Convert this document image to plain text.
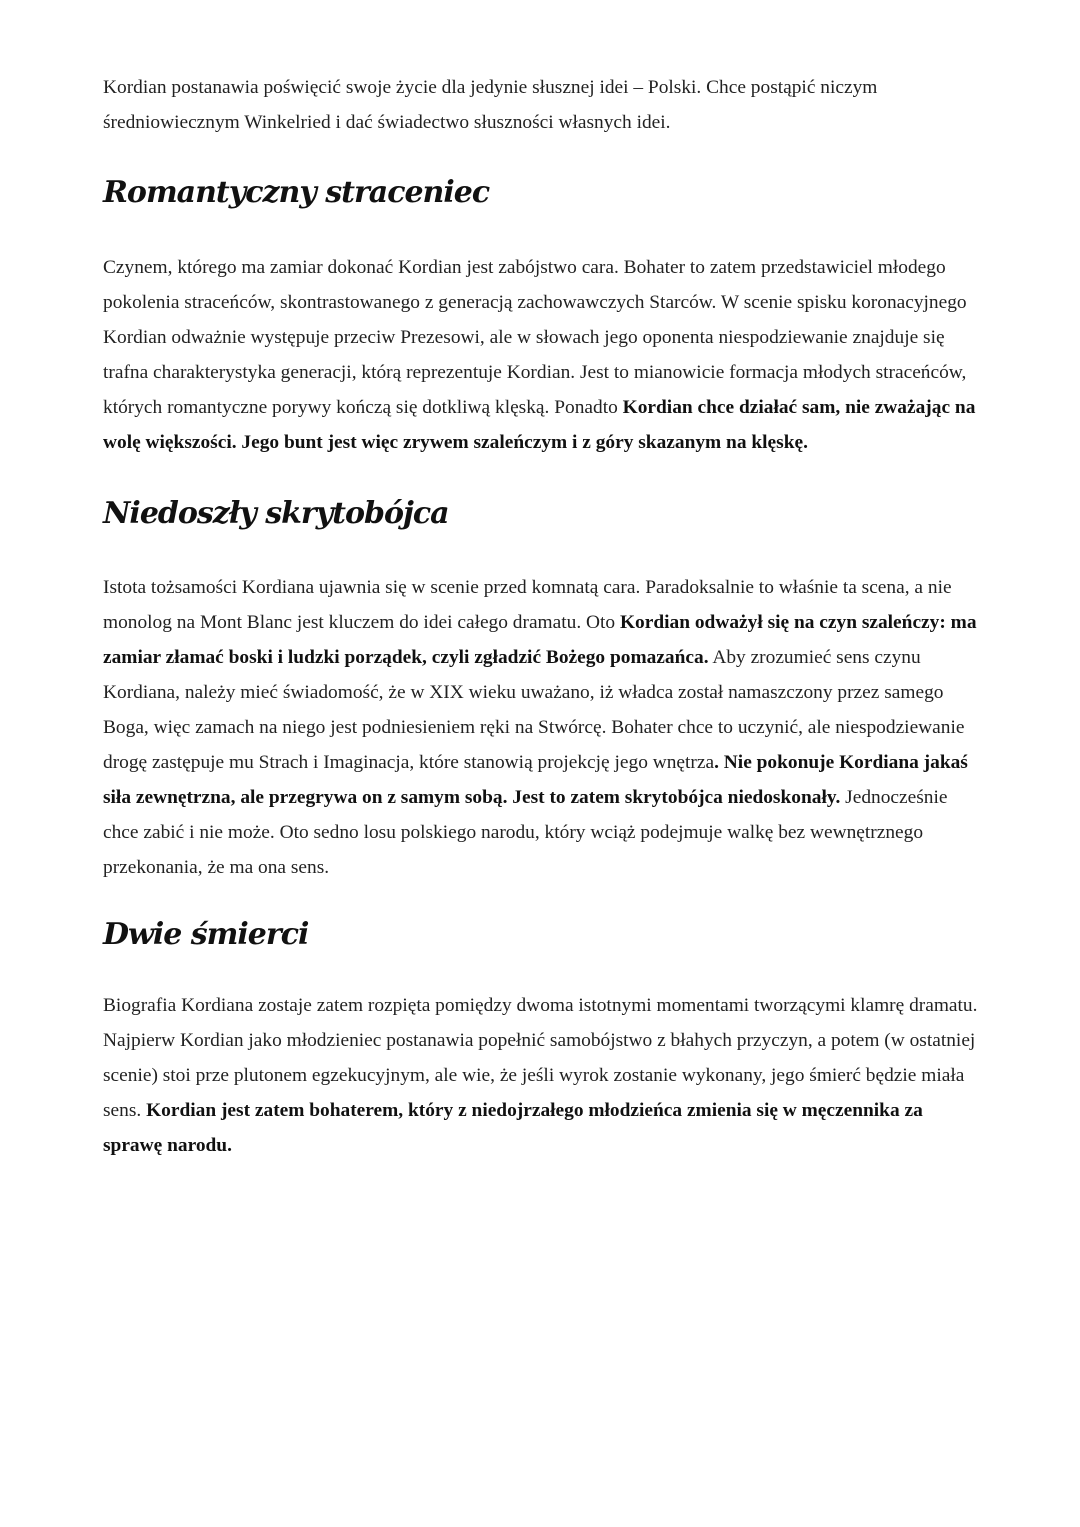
Kordian postanawia poświęcić swoje życie dla jedynie słusznej idei – Polski. Chce postąpić niczym średniowiecznym Winkelried i dać świadectwo słuszności własnych idei.

Romantyczny straceniec

Czynem, którego ma zamiar dokonać Kordian jest zabójstwo cara. Bohater to zatem przedstawiciel młodego pokolenia straceńców, skontrastowanego z generacją zachowawczych Starców. W scenie spisku koronacyjnego Kordian odważnie występuje przeciw Prezesowi, ale w słowach jego oponenta niespodziewanie znajduje się trafna charakterystyka generacji, którą reprezentuje Kordian. Jest to mianowicie formacja młodych straceńców, których romantyczne porywy kończą się dotkliwą klęską. Ponadto Kordian chce działać sam, nie zważając na wolę większości. Jego bunt jest więc zrywem szaleńczym i z góry skazanym na klęskę.

Niedoszły skrytobójca

Istota tożsamości Kordiana ujawnia się w scenie przed komnatą cara. Paradoksalnie to właśnie ta scena, a nie monolog na Mont Blanc jest kluczem do idei całego dramatu. Oto Kordian odważył się na czyn szaleńczy: ma zamiar złamać boski i ludzki porządek, czyli zgładzić Bożego pomazańca. Aby zrozumieć sens czynu Kordiana, należy mieć świadomość, że w XIX wieku uważano, iż władca został namaszczony przez samego Boga, więc zamach na niego jest podniesieniem ręki na Stwórcę. Bohater chce to uczynić, ale niespodziewanie drogę zastępuje mu Strach i Imaginacja, które stanowią projekcję jego wnętrza. Nie pokonuje Kordiana jakaś siła zewnętrzna, ale przegrywa on z samym sobą. Jest to zatem skrytobójca niedoskonały. Jednocześnie chce zabić i nie może. Oto sedno losu polskiego narodu, który wciąż podejmuje walkę bez wewnętrznego przekonania, że ma ona sens.

Dwie śmierci

Biografia Kordiana zostaje zatem rozpięta pomiędzy dwoma istotnymi momentami tworzącymi klamrę dramatu. Najpierw Kordian jako młodzieniec postanawia popełnić samobójstwo z błahych przyczyn, a potem (w ostatniej scenie) stoi prze plutonem egzekucyjnym, ale wie, że jeśli wyrok zostanie wykonany, jego śmierć będzie miała sens. Kordian jest zatem bohaterem, który z niedojrzałego młodzieńca zmienia się w męczennika za sprawę narodu.
